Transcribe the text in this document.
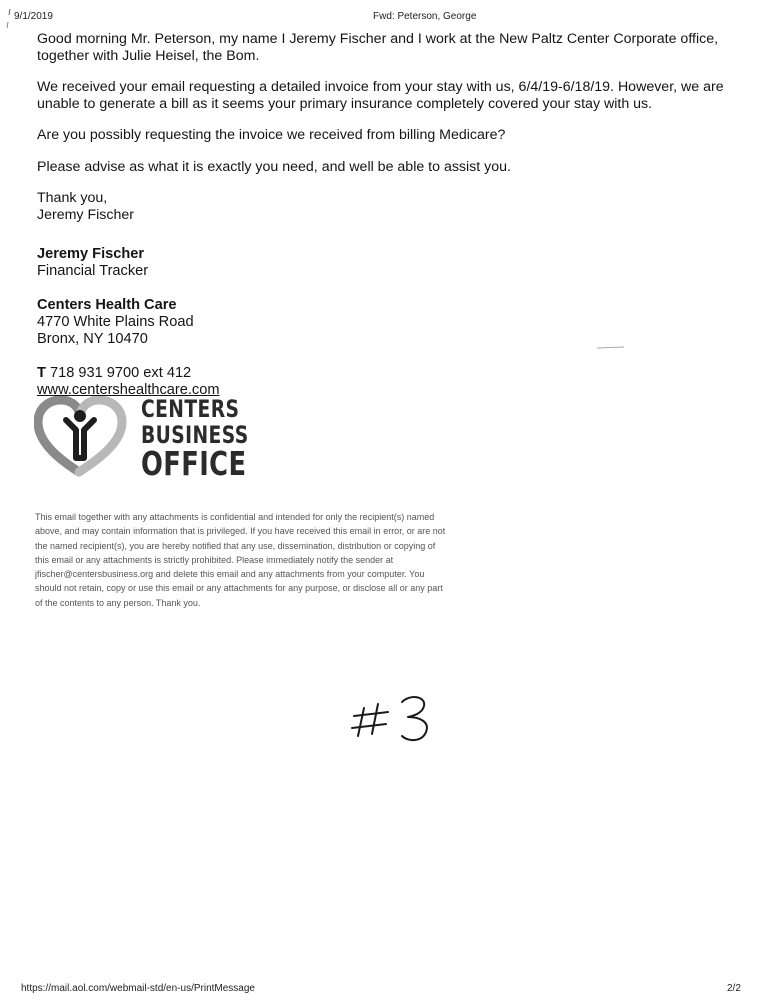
9/1/2019	Fwd: Peterson, George

Good morning Mr. Peterson, my name I Jeremy Fischer and I work at the New Paltz Center Corporate office, together with Julie Heisel, the Bom.

We received your email requesting a detailed invoice from your stay with us, 6/4/19-6/18/19. However, we are unable to generate a bill as it seems your primary insurance completely covered your stay with us.

Are you possibly requesting the invoice we received from billing Medicare?

Please advise as what it is exactly you need, and well be able to assist you.

Thank you,
Jeremy Fischer
Jeremy Fischer
Financial Tracker
Centers Health Care
4770 White Plains Road
Bronx, NY 10470
T 718 931 9700 ext 412
www.centershealthcare.com
CENTERS
BUSINESS
OFFICE
This email together with any attachments is confidential and intended for only the recipient(s) named above, and may contain information that is privileged. If you have received this email in error, or are not the named recipient(s), you are hereby notified that any use, dissemination, distribution or copying of this email or any attachments is strictly prohibited. Please immediately notify the sender at jfischer@centersbusiness.org and delete this email and any attachments from your computer. You should not retain, copy or use this email or any attachments for any purpose, or disclose all or any part of the contents to any person. Thank you.
https://mail.aol.com/webmail-std/en-us/PrintMessage	2/2
